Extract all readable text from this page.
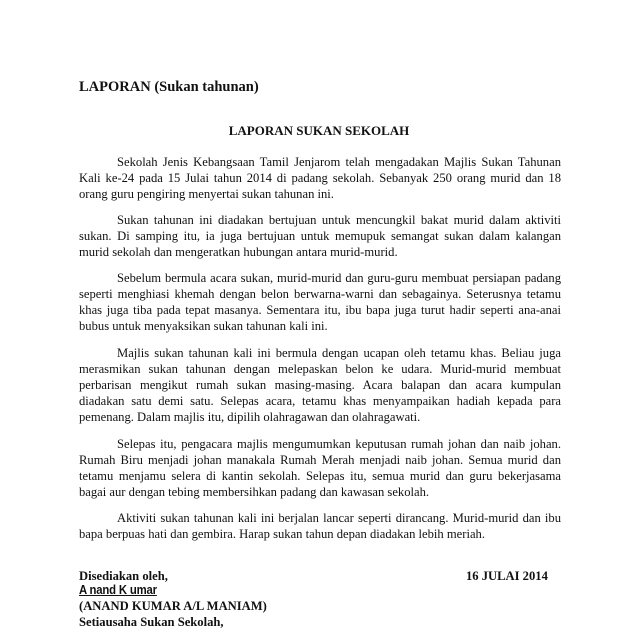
LAPORAN (Sukan tahunan)
LAPORAN SUKAN SEKOLAH

Sekolah Jenis Kebangsaan Tamil Jenjarom telah mengadakan Majlis Sukan Tahunan Kali ke-24 pada 15 Julai tahun 2014 di padang sekolah. Sebanyak 250 orang murid dan 18 orang guru pengiring menyertai sukan tahunan ini.

Sukan tahunan ini diadakan bertujuan untuk mencungkil bakat murid dalam aktiviti sukan. Di samping itu, ia juga bertujuan untuk memupuk semangat sukan dalam kalangan murid sekolah dan mengeratkan hubungan antara murid-murid.

Sebelum bermula acara sukan, murid-murid dan guru-guru membuat persiapan padang seperti menghiasi khemah dengan belon berwarna-warni dan sebagainya. Seterusnya tetamu khas juga tiba pada tepat masanya. Sementara itu, ibu bapa juga turut hadir seperti ana-anai bubus untuk menyaksikan sukan tahunan kali ini.

Majlis sukan tahunan kali ini bermula dengan ucapan oleh tetamu khas. Beliau juga merasmikan sukan tahunan dengan melepaskan belon ke udara. Murid-murid membuat perbarisan mengikut rumah sukan masing-masing. Acara balapan dan acara kumpulan diadakan satu demi satu. Selepas acara, tetamu khas menyampaikan hadiah kepada para pemenang. Dalam majlis itu, dipilih olahragawan dan olahragawati.

Selepas itu, pengacara majlis mengumumkan keputusan rumah johan dan naib johan. Rumah Biru menjadi johan manakala Rumah Merah menjadi naib johan. Semua murid dan tetamu menjamu selera di kantin sekolah. Selepas itu, semua murid dan guru bekerjasama bagai aur dengan tebing membersihkan padang dan kawasan sekolah.

Aktiviti sukan tahunan kali ini berjalan lancar seperti dirancang. Murid-murid dan ibu bapa berpuas hati dan gembira. Harap sukan tahun depan diadakan lebih meriah.

Disediakan oleh,	16 JULAI 2014
A nand K umar
(ANAND KUMAR A/L MANIAM)
Setiausaha Sukan Sekolah,
